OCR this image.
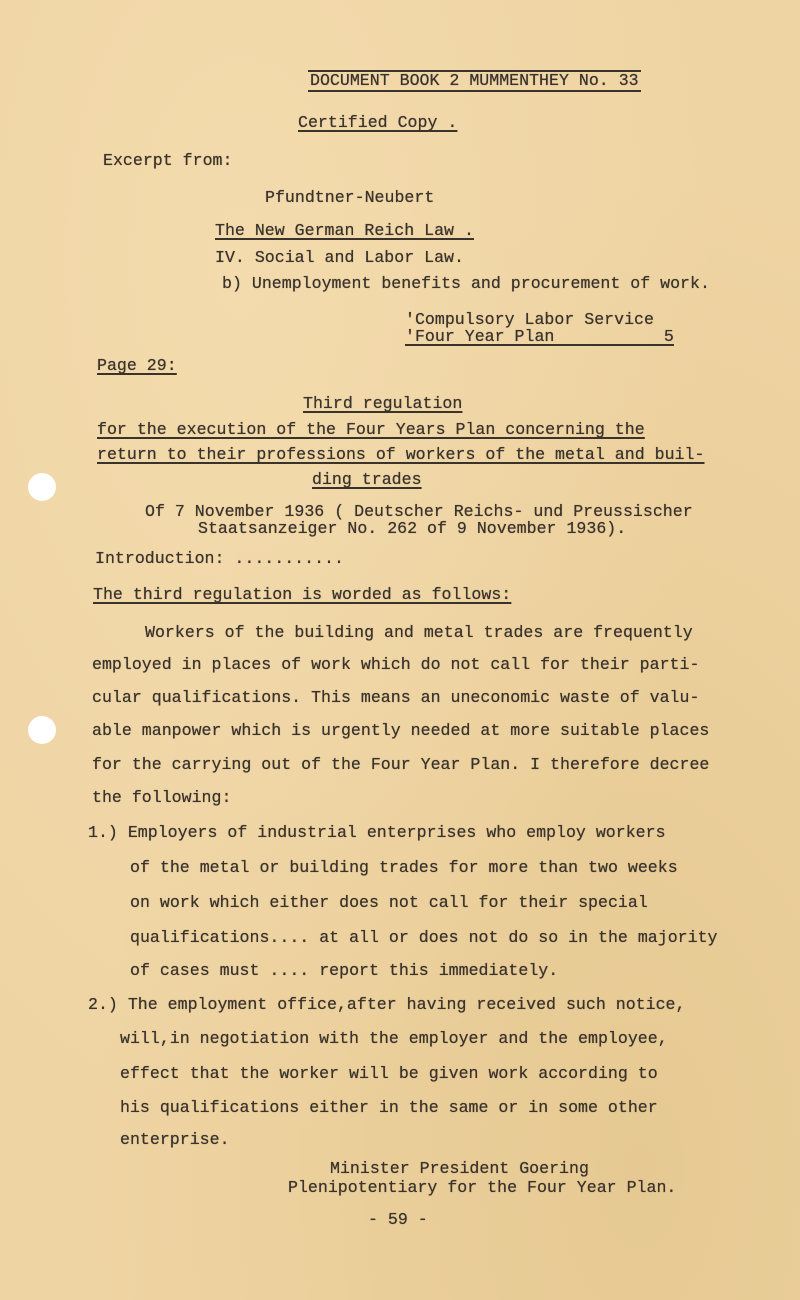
DOCUMENT BOOK 2 MUMMENTHEY No. 33
Certified Copy .
Excerpt from:
Pfundtner-Neubert
The New German Reich Law .
IV. Social and Labor Law.
b) Unemployment benefits and procurement of work.
'Compulsory Labor Service
'Four Year Plan           5
Page 29:
Third regulation
for the execution of the Four Years Plan concerning the
return to their professions of workers of the metal and buil-
ding trades
Of 7 November 1936 ( Deutscher Reichs- und Preussischer
Staatsanzeiger No. 262 of 9 November 1936).
Introduction: ...........
The third regulation is worded as follows:
Workers of the building and metal trades are frequently
employed in places of work which do not call for their parti-
cular qualifications. This means an uneconomic waste of valu-
able manpower which is urgently needed at more suitable places
for the carrying out of the Four Year Plan. I therefore decree
the following:
1.) Employers of industrial enterprises who employ workers
of the metal or building trades for more than two weeks
on work which either does not call for their special
qualifications.... at all or does not do so in the majority
of cases must .... report this immediately.
2.) The employment office,after having received such notice,
will,in negotiation with the employer and the employee,
effect that the worker will be given work according to
his qualifications either in the same or in some other
enterprise.
Minister President Goering
Plenipotentiary for the Four Year Plan.
- 59 -
